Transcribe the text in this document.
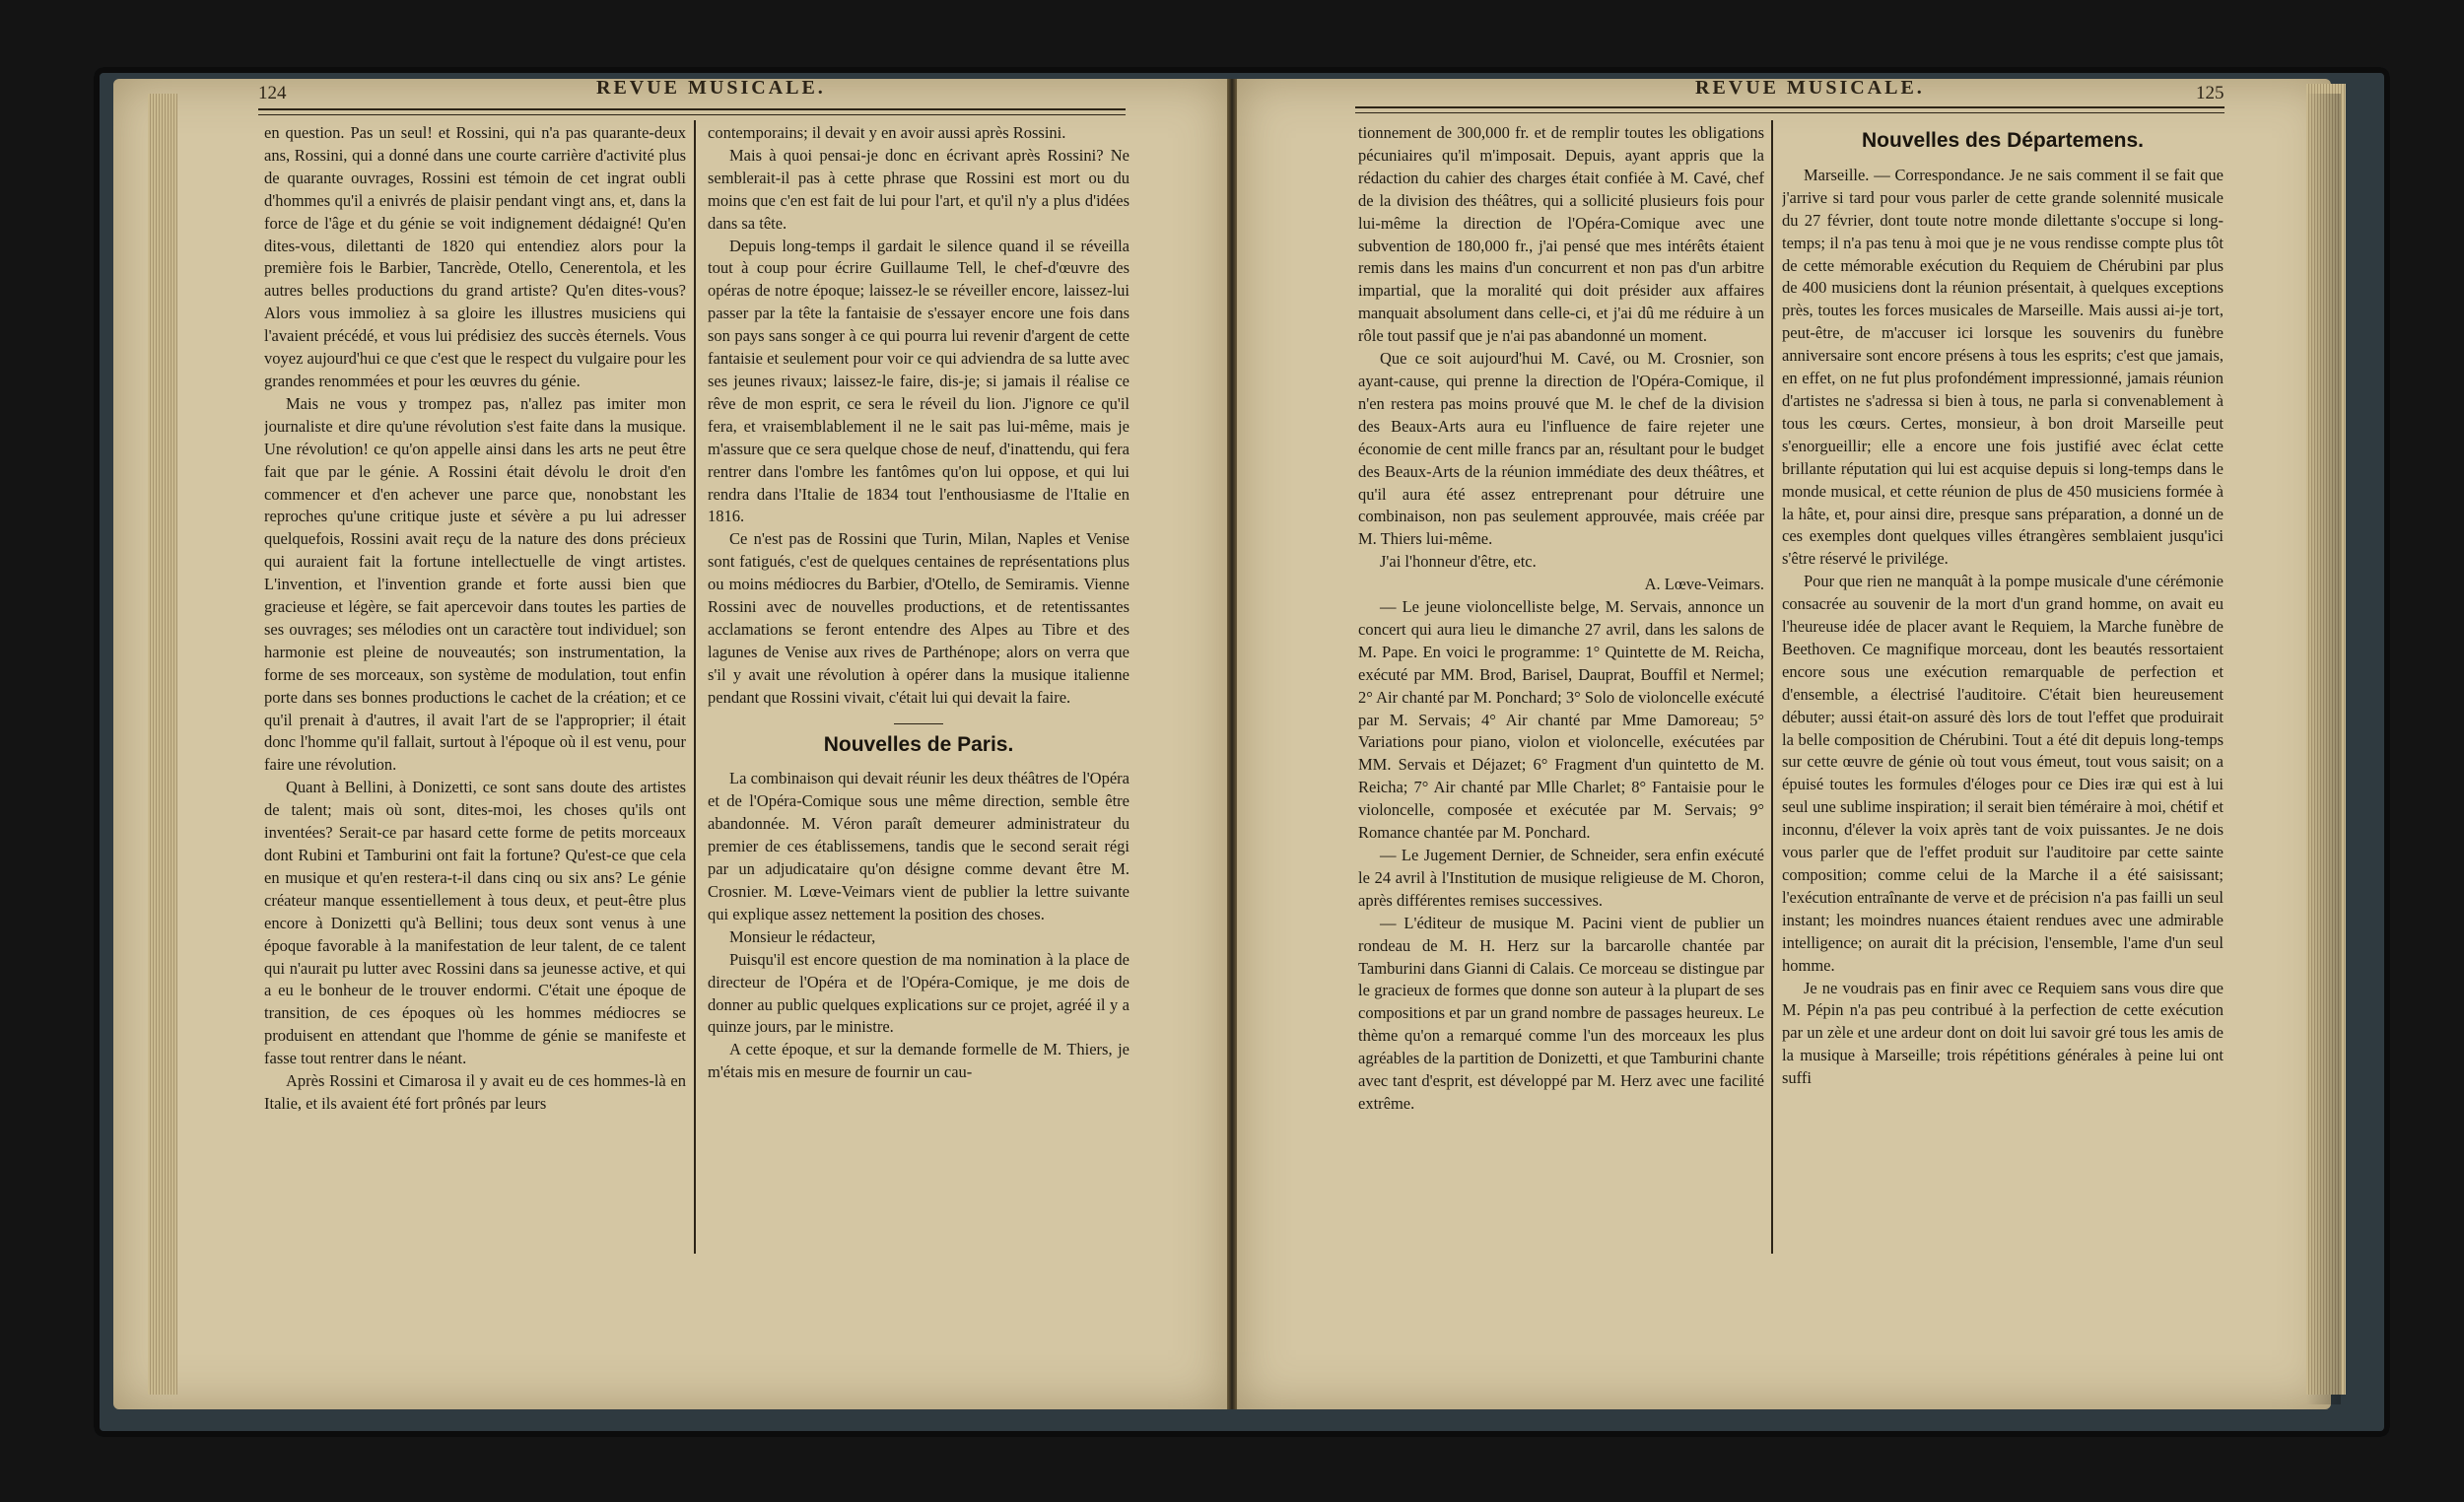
124	REVUE MUSICALE.	REVUE MUSICALE.	125

en question. Pas un seul! et Rossini, qui n'a pas quarante-deux ans, Rossini, qui a donné dans une courte carrière d'activité plus de quarante ouvrages, Rossini est témoin de cet ingrat oubli d'hommes qu'il a enivrés de plaisir pendant vingt ans, et, dans la force de l'âge et du génie se voit indignement dédaigné! Qu'en dites-vous, dilettanti de 1820 qui entendiez alors pour la première fois le Barbier, Tancrède, Otello, Cenerentola, et les autres belles productions du grand artiste? Qu'en dites-vous? Alors vous immoliez à sa gloire les illustres musiciens qui l'avaient précédé, et vous lui prédisiez des succès éternels. Vous voyez aujourd'hui ce que c'est que le respect du vulgaire pour les grandes renommées et pour les œuvres du génie.

Mais ne vous y trompez pas, n'allez pas imiter mon journaliste et dire qu'une révolution s'est faite dans la musique. Une révolution! ce qu'on appelle ainsi dans les arts ne peut être fait que par le génie. A Rossini était dévolu le droit d'en commencer et d'en achever une parce que, nonobstant les reproches qu'une critique juste et sévère a pu lui adresser quelquefois, Rossini avait reçu de la nature des dons précieux qui auraient fait la fortune intellectuelle de vingt artistes. L'invention, et l'invention grande et forte aussi bien que gracieuse et légère, se fait apercevoir dans toutes les parties de ses ouvrages; ses mélodies ont un caractère tout individuel; son harmonie est pleine de nouveautés; son instrumentation, la forme de ses morceaux, son système de modulation, tout enfin porte dans ses bonnes productions le cachet de la création; et ce qu'il prenait à d'autres, il avait l'art de se l'approprier; il était donc l'homme qu'il fallait, surtout à l'époque où il est venu, pour faire une révolution.

Quant à Bellini, à Donizetti, ce sont sans doute des artistes de talent; mais où sont, dites-moi, les choses qu'ils ont inventées? Serait-ce par hasard cette forme de petits morceaux dont Rubini et Tamburini ont fait la fortune? Qu'est-ce que cela en musique et qu'en restera-t-il dans cinq ou six ans? Le génie créateur manque essentiellement à tous deux, et peut-être plus encore à Donizetti qu'à Bellini; tous deux sont venus à une époque favorable à la manifestation de leur talent, de ce talent qui n'aurait pu lutter avec Rossini dans sa jeunesse active, et qui a eu le bonheur de le trouver endormi. C'était une époque de transition, de ces époques où les hommes médiocres se produisent en attendant que l'homme de génie se manifeste et fasse tout rentrer dans le néant.

Après Rossini et Cimarosa il y avait eu de ces hommes-là en Italie, et ils avaient été fort prônés par leurs

contemporains; il devait y en avoir aussi après Rossini.

Mais à quoi pensai-je donc en écrivant après Rossini? Ne semblerait-il pas à cette phrase que Rossini est mort ou du moins que c'en est fait de lui pour l'art, et qu'il n'y a plus d'idées dans sa tête.

Depuis long-temps il gardait le silence quand il se réveilla tout à coup pour écrire Guillaume Tell, le chef-d'œuvre des opéras de notre époque; laissez-le se réveiller encore, laissez-lui passer par la tête la fantaisie de s'essayer encore une fois dans son pays sans songer à ce qui pourra lui revenir d'argent de cette fantaisie et seulement pour voir ce qui adviendra de sa lutte avec ses jeunes rivaux; laissez-le faire, dis-je; si jamais il réalise ce rêve de mon esprit, ce sera le réveil du lion. J'ignore ce qu'il fera, et vraisemblablement il ne le sait pas lui-même, mais je m'assure que ce sera quelque chose de neuf, d'inattendu, qui fera rentrer dans l'ombre les fantômes qu'on lui oppose, et qui lui rendra dans l'Italie de 1834 tout l'enthousiasme de l'Italie en 1816.

Ce n'est pas de Rossini que Turin, Milan, Naples et Venise sont fatigués, c'est de quelques centaines de représentations plus ou moins médiocres du Barbier, d'Otello, de Semiramis. Vienne Rossini avec de nouvelles productions, et de retentissantes acclamations se feront entendre des Alpes au Tibre et des lagunes de Venise aux rives de Parthénope; alors on verra que s'il y avait une révolution à opérer dans la musique italienne pendant que Rossini vivait, c'était lui qui devait la faire.

Nouvelles de Paris.

La combinaison qui devait réunir les deux théâtres de l'Opéra et de l'Opéra-Comique sous une même direction, semble être abandonnée. M. Véron paraît demeurer administrateur du premier de ces établissemens, tandis que le second serait régi par un adjudicataire qu'on désigne comme devant être M. Crosnier. M. Lœve-Veimars vient de publier la lettre suivante qui explique assez nettement la position des choses.

Monsieur le rédacteur,

Puisqu'il est encore question de ma nomination à la place de directeur de l'Opéra et de l'Opéra-Comique, je me dois de donner au public quelques explications sur ce projet, agréé il y a quinze jours, par le ministre.

A cette époque, et sur la demande formelle de M. Thiers, je m'étais mis en mesure de fournir un cau-

tionnement de 300,000 fr. et de remplir toutes les obligations pécuniaires qu'il m'imposait. Depuis, ayant appris que la rédaction du cahier des charges était confiée à M. Cavé, chef de la division des théâtres, qui a sollicité plusieurs fois pour lui-même la direction de l'Opéra-Comique avec une subvention de 180,000 fr., j'ai pensé que mes intérêts étaient remis dans les mains d'un concurrent et non pas d'un arbitre impartial, que la moralité qui doit présider aux affaires manquait absolument dans celle-ci, et j'ai dû me réduire à un rôle tout passif que je n'ai pas abandonné un moment.

Que ce soit aujourd'hui M. Cavé, ou M. Crosnier, son ayant-cause, qui prenne la direction de l'Opéra-Comique, il n'en restera pas moins prouvé que M. le chef de la division des Beaux-Arts aura eu l'influence de faire rejeter une économie de cent mille francs par an, résultant pour le budget des Beaux-Arts de la réunion immédiate des deux théâtres, et qu'il aura été assez entreprenant pour détruire une combinaison, non pas seulement approuvée, mais créée par M. Thiers lui-même.

J'ai l'honneur d'être, etc.

A. Lœve-Veimars.

— Le jeune violoncelliste belge, M. Servais, annonce un concert qui aura lieu le dimanche 27 avril, dans les salons de M. Pape. En voici le programme: 1° Quintette de M. Reicha, exécuté par MM. Brod, Barisel, Dauprat, Bouffil et Nermel; 2° Air chanté par M. Ponchard; 3° Solo de violoncelle exécuté par M. Servais; 4° Air chanté par Mme Damoreau; 5° Variations pour piano, violon et violoncelle, exécutées par MM. Servais et Déjazet; 6° Fragment d'un quintetto de M. Reicha; 7° Air chanté par Mlle Charlet; 8° Fantaisie pour le violoncelle, composée et exécutée par M. Servais; 9° Romance chantée par M. Ponchard.

— Le Jugement Dernier, de Schneider, sera enfin exécuté le 24 avril à l'Institution de musique religieuse de M. Choron, après différentes remises successives.

— L'éditeur de musique M. Pacini vient de publier un rondeau de M. H. Herz sur la barcarolle chantée par Tamburini dans Gianni di Calais. Ce morceau se distingue par le gracieux de formes que donne son auteur à la plupart de ses compositions et par un grand nombre de passages heureux. Le thème qu'on a remarqué comme l'un des morceaux les plus agréables de la partition de Donizetti, et que Tamburini chante avec tant d'esprit, est développé par M. Herz avec une facilité extrême.

Nouvelles des Départemens.

Marseille. — Correspondance. Je ne sais comment il se fait que j'arrive si tard pour vous parler de cette grande solennité musicale du 27 février, dont toute notre monde dilettante s'occupe si long-temps; il n'a pas tenu à moi que je ne vous rendisse compte plus tôt de cette mémorable exécution du Requiem de Chérubini par plus de 400 musiciens dont la réunion présentait, à quelques exceptions près, toutes les forces musicales de Marseille. Mais aussi ai-je tort, peut-être, de m'accuser ici lorsque les souvenirs du funèbre anniversaire sont encore présens à tous les esprits; c'est que jamais, en effet, on ne fut plus profondément impressionné, jamais réunion d'artistes ne s'adressa si bien à tous, ne parla si convenablement à tous les cœurs. Certes, monsieur, à bon droit Marseille peut s'enorgueillir; elle a encore une fois justifié avec éclat cette brillante réputation qui lui est acquise depuis si long-temps dans le monde musical, et cette réunion de plus de 450 musiciens formée à la hâte, et, pour ainsi dire, presque sans préparation, a donné un de ces exemples dont quelques villes étrangères semblaient jusqu'ici s'être réservé le privilége.

Pour que rien ne manquât à la pompe musicale d'une cérémonie consacrée au souvenir de la mort d'un grand homme, on avait eu l'heureuse idée de placer avant le Requiem, la Marche funèbre de Beethoven. Ce magnifique morceau, dont les beautés ressortaient encore sous une exécution remarquable de perfection et d'ensemble, a électrisé l'auditoire. C'était bien heureusement débuter; aussi était-on assuré dès lors de tout l'effet que produirait la belle composition de Chérubini. Tout a été dit depuis long-temps sur cette œuvre de génie où tout vous émeut, tout vous saisit; on a épuisé toutes les formules d'éloges pour ce Dies iræ qui est à lui seul une sublime inspiration; il serait bien téméraire à moi, chétif et inconnu, d'élever la voix après tant de voix puissantes. Je ne dois vous parler que de l'effet produit sur l'auditoire par cette sainte composition; comme celui de la Marche il a été saisissant; l'exécution entraînante de verve et de précision n'a pas failli un seul instant; les moindres nuances étaient rendues avec une admirable intelligence; on aurait dit la précision, l'ensemble, l'ame d'un seul homme.

Je ne voudrais pas en finir avec ce Requiem sans vous dire que M. Pépin n'a pas peu contribué à la perfection de cette exécution par un zèle et une ardeur dont on doit lui savoir gré tous les amis de la musique à Marseille; trois répétitions générales à peine lui ont suffi
